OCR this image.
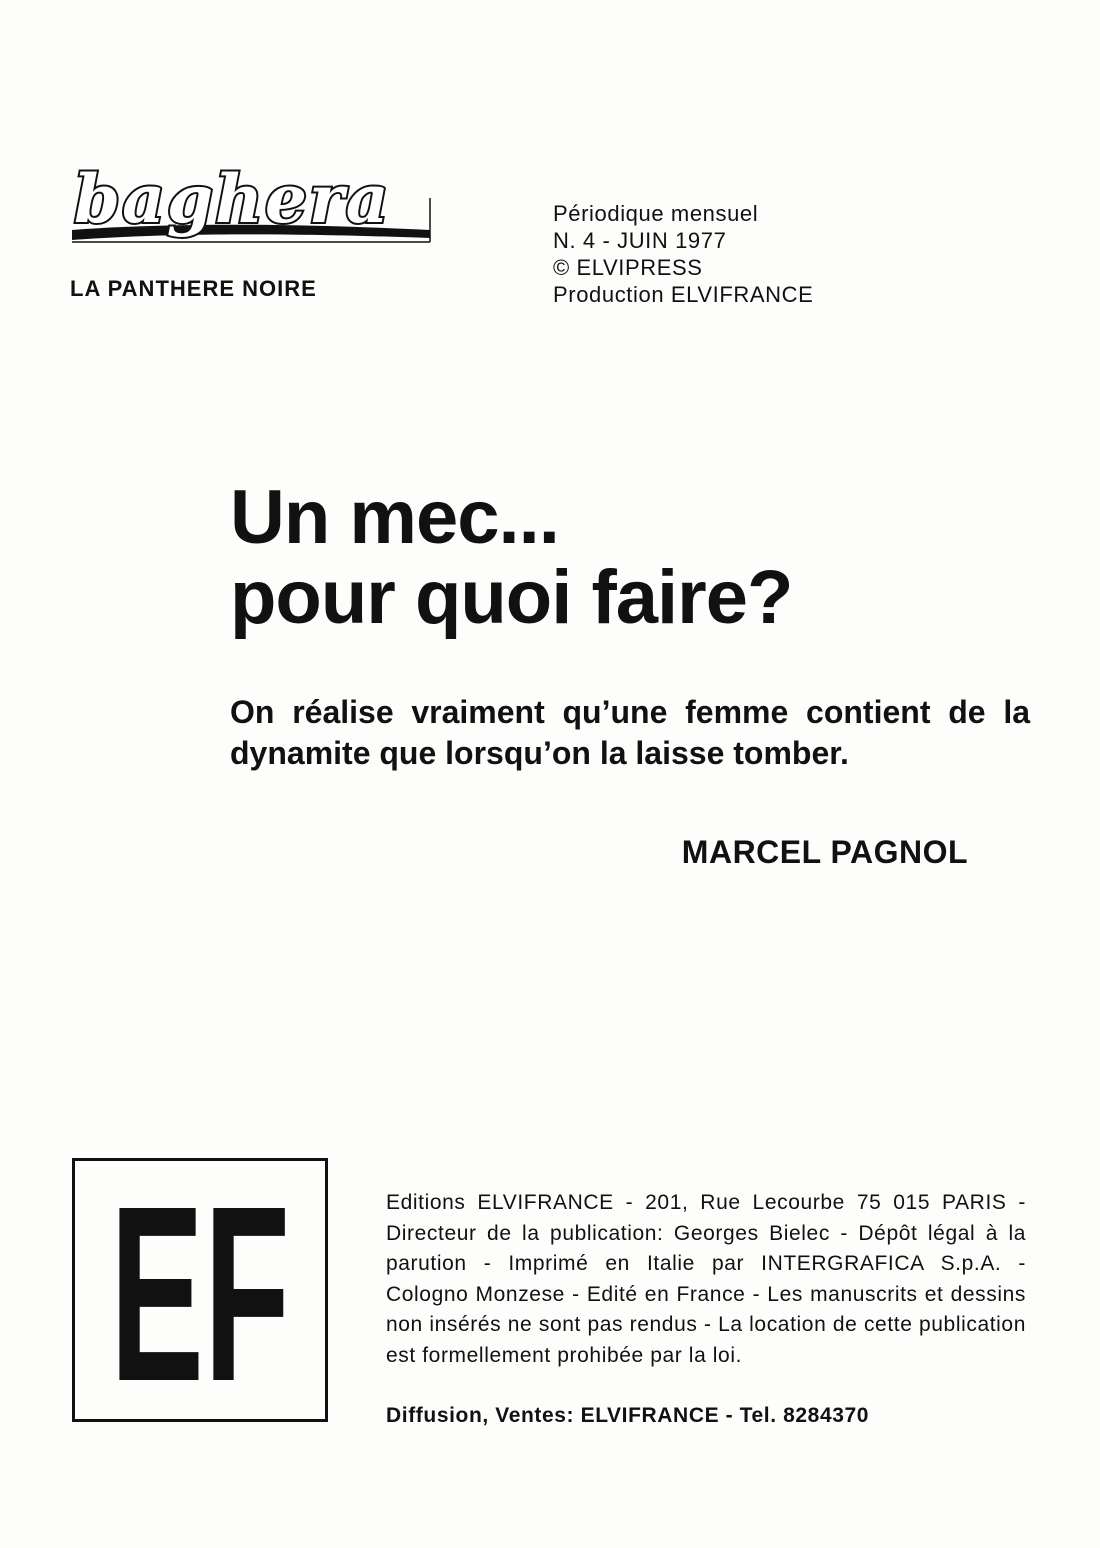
baghera
LA PANTHERE NOIRE
Périodique mensuel
N. 4 - JUIN 1977
© ELVIPRESS
Production ELVIFRANCE
Un mec...
pour quoi faire?
On réalise vraiment qu’une femme contient de la dynamite que lorsqu’on la laisse tomber.
MARCEL PAGNOL
EF	Editions ELVIFRANCE - 201, Rue Lecourbe 75 015 PARIS - Directeur de la publication: Georges Bielec - Dépôt légal à la parution - Imprimé en Italie par INTERGRAFICA S.p.A. - Cologno Monzese - Edité en France - Les manuscrits et dessins non insérés ne sont pas rendus - La location de cette publication est formellement prohibée par la loi.
Diffusion, Ventes: ELVIFRANCE - Tel. 8284370
